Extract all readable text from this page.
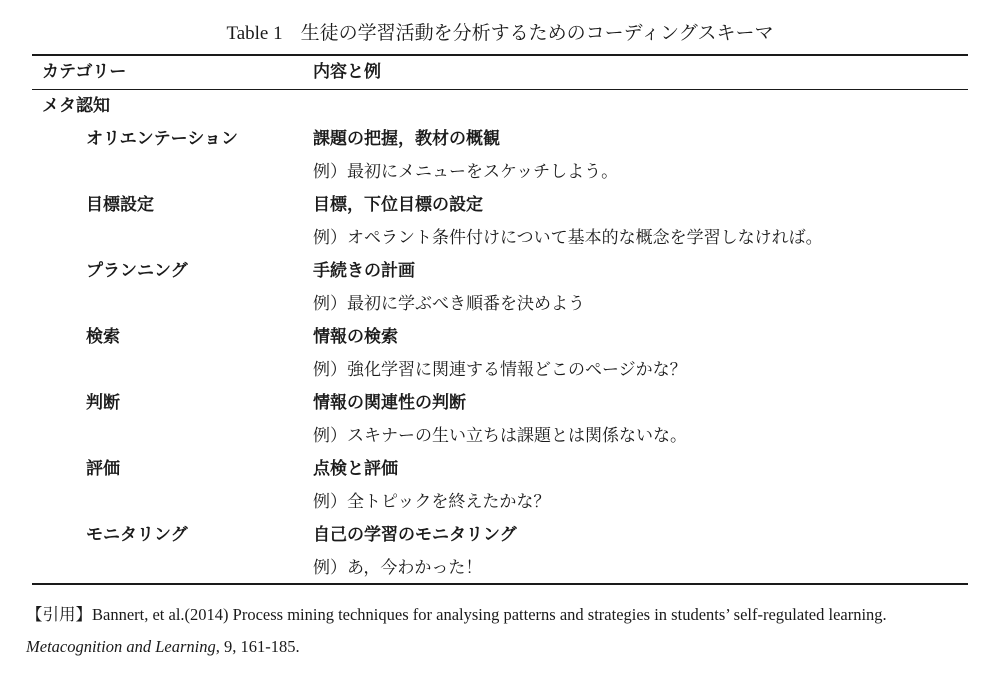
Table 1 生徒の学習活動を分析するためのコーディングスキーマ
カテゴリー	内容と例
メタ認知
オリエンテーション	課題の把握，教材の概観
例）最初にメニューをスケッチしよう。
目標設定	目標，下位目標の設定
例）オペラント条件付けについて基本的な概念を学習しなければ。
プランニング	手続きの計画
例）最初に学ぶべき順番を決めよう
検索	情報の検索
例）強化学習に関連する情報どこのページかな？
判断	情報の関連性の判断
例）スキナーの生い立ちは課題とは関係ないな。
評価	点検と評価
例）全トピックを終えたかな？
モニタリング	自己の学習のモニタリング
例）あ，今わかった！
【引用】Bannert, et al.(2014) Process mining techniques for analysing patterns and strategies in students’ self-regulated learning. Metacognition and Learning, 9, 161-185.
